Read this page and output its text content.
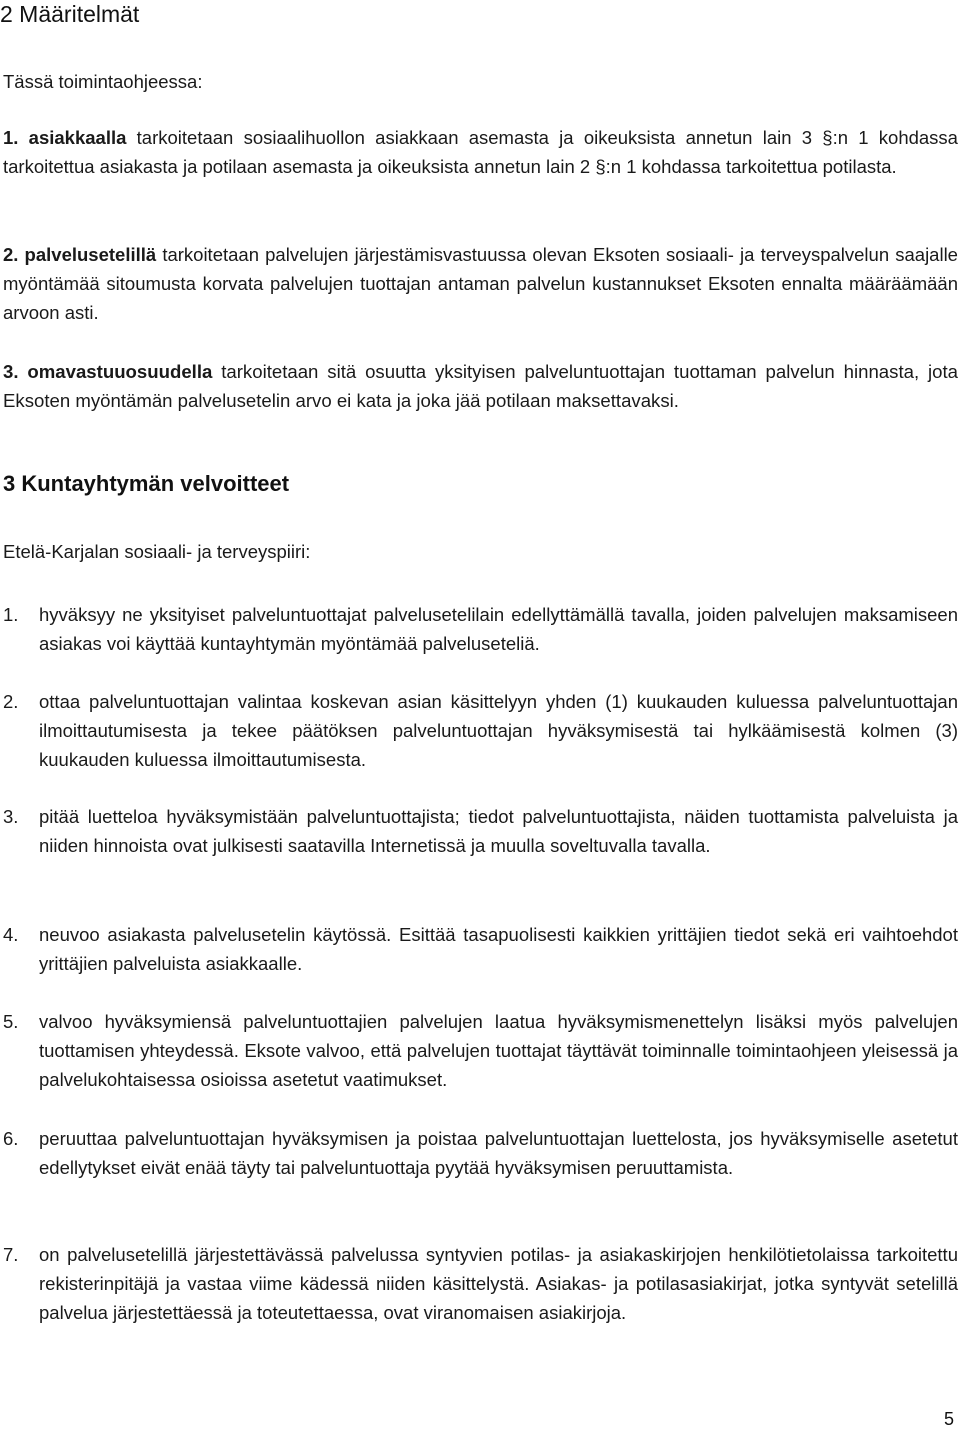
2 Määritelmät

Tässä toimintaohjeessa:

1. asiakkaalla tarkoitetaan sosiaalihuollon asiakkaan asemasta ja oikeuksista annetun lain 3 §:n 1 kohdassa tarkoitettua asiakasta ja potilaan asemasta ja oikeuksista annetun lain 2 §:n 1 kohdassa tarkoitettua potilasta.

2. palvelusetelillä tarkoitetaan palvelujen järjestämisvastuussa olevan Eksoten sosiaali- ja terveyspalvelun saajalle myöntämää sitoumusta korvata palvelujen tuottajan antaman palvelun kustannukset Eksoten ennalta määräämään arvoon asti.

3. omavastuuosuudella tarkoitetaan sitä osuutta yksityisen palveluntuottajan tuottaman palvelun hinnasta, jota Eksoten myöntämän palvelusetelin arvo ei kata ja joka jää potilaan maksettavaksi.

3 Kuntayhtymän velvoitteet

Etelä-Karjalan sosiaali- ja terveyspiiri:

1.	hyväksyy ne yksityiset palveluntuottajat palvelusetelilain edellyttämällä tavalla, joiden palvelujen maksamiseen asiakas voi käyttää kuntayhtymän myöntämää palveluseteliä.
2.	ottaa palveluntuottajan valintaa koskevan asian käsittelyyn yhden (1) kuukauden kuluessa palveluntuottajan ilmoittautumisesta ja tekee päätöksen palveluntuottajan hyväksymisestä tai hylkäämisestä kolmen (3) kuukauden kuluessa ilmoittautumisesta.
3.	pitää luetteloa hyväksymistään palveluntuottajista; tiedot palveluntuottajista, näiden tuottamista palveluista ja niiden hinnoista ovat julkisesti saatavilla Internetissä ja muulla soveltuvalla tavalla.
4.	neuvoo asiakasta palvelusetelin käytössä. Esittää tasapuolisesti kaikkien yrittäjien tiedot sekä eri vaihtoehdot yrittäjien palveluista asiakkaalle.
5.	valvoo hyväksymiensä palveluntuottajien palvelujen laatua hyväksymismenettelyn lisäksi myös palvelujen tuottamisen yhteydessä. Eksote valvoo, että palvelujen tuottajat täyttävät toiminnalle toimintaohjeen yleisessä ja palvelukohtaisessa osioissa asetetut vaatimukset.
6.	peruuttaa palveluntuottajan hyväksymisen ja poistaa palveluntuottajan luettelosta, jos hyväksymiselle asetetut edellytykset eivät enää täyty tai palveluntuottaja pyytää hyväksymisen peruuttamista.
7.	on palvelusetelillä järjestettävässä palvelussa syntyvien potilas- ja asiakaskirjojen henkilötietolaissa tarkoitettu rekisterinpitäjä ja vastaa viime kädessä niiden käsittelystä. Asiakas- ja potilasasiakirjat, jotka syntyvät setelillä palvelua järjestettäessä ja toteutettaessa, ovat viranomaisen asiakirjoja.

5
